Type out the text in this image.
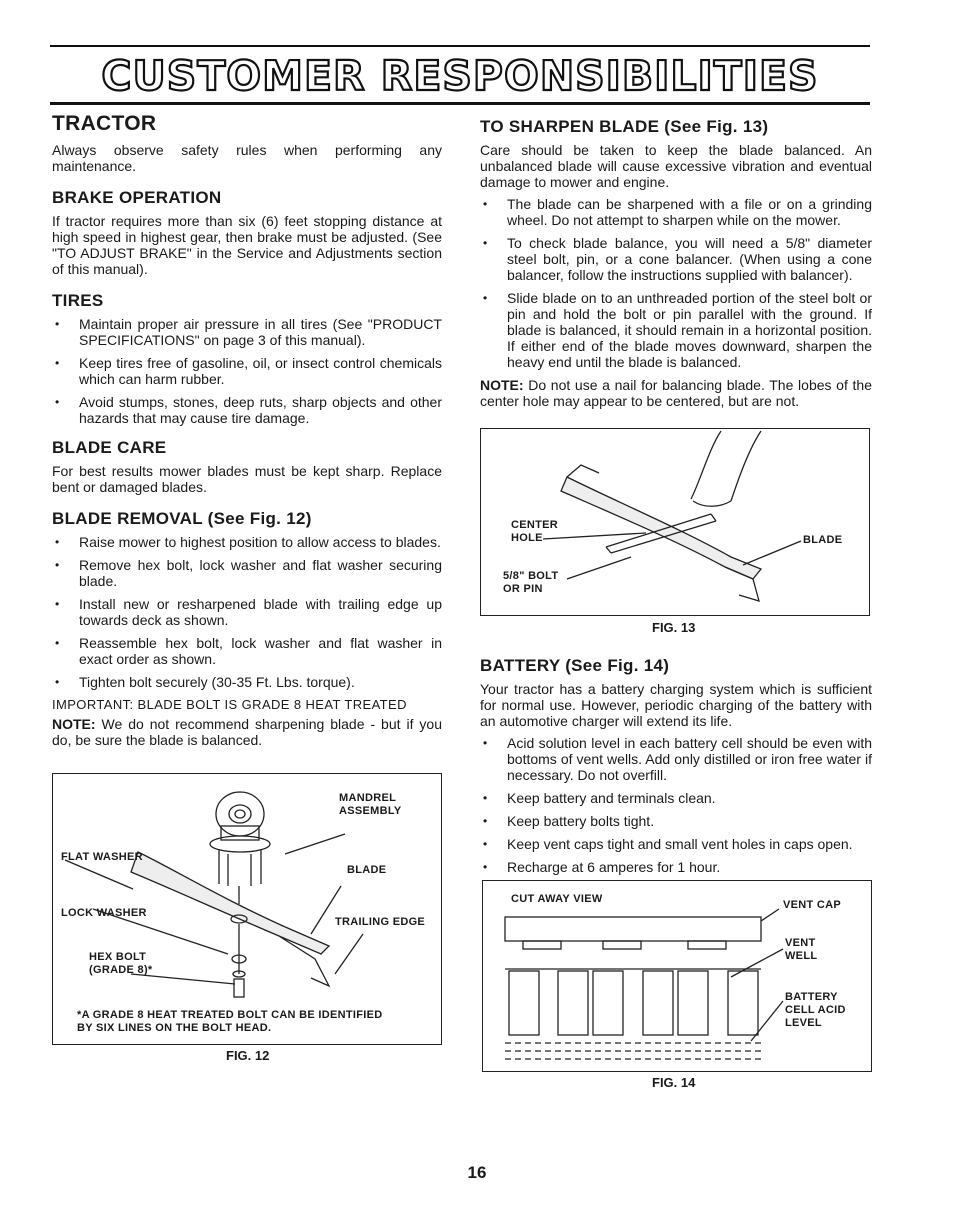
CUSTOMER RESPONSIBILITIES
TRACTOR

Always observe safety rules when performing any maintenance.

BRAKE OPERATION

If tractor requires more than six (6) feet stopping distance at high speed in highest gear, then brake must be adjusted. (See "TO ADJUST BRAKE" in the Service and Adjustments section of this manual).

TIRES
• Maintain proper air pressure in all tires (See "PRODUCT SPECIFICATIONS" on page 3 of this manual).
• Keep tires free of gasoline, oil, or insect control chemicals which can harm rubber.
• Avoid stumps, stones, deep ruts, sharp objects and other hazards that may cause tire damage.
BLADE CARE

For best results mower blades must be kept sharp. Replace bent or damaged blades.

BLADE REMOVAL (See Fig. 12)
• Raise mower to highest position to allow access to blades.
• Remove hex bolt, lock washer and flat washer securing blade.
• Install new or resharpened blade with trailing edge up towards deck as shown.
• Reassemble hex bolt, lock washer and flat washer in exact order as shown.
• Tighten bolt securely (30-35 Ft. Lbs. torque).

IMPORTANT: BLADE BOLT IS GRADE 8 HEAT TREATED

NOTE: We do not recommend sharpening blade - but if you do, be sure the blade is balanced.

MANDREL
ASSEMBLY
FLAT WASHER
BLADE
LOCK WASHER
TRAILING EDGE
HEX BOLT
(GRADE 8)*
*A GRADE 8 HEAT TREATED BOLT CAN BE IDENTIFIED
BY SIX LINES ON THE BOLT HEAD.
FIG. 12
TO SHARPEN BLADE (See Fig. 13)

Care should be taken to keep the blade balanced. An unbalanced blade will cause excessive vibration and eventual damage to mower and engine.

• The blade can be sharpened with a file or on a grinding wheel. Do not attempt to sharpen while on the mower.
• To check blade balance, you will need a 5/8" diameter steel bolt, pin, or a cone balancer. (When using a cone balancer, follow the instructions supplied with balancer).
• Slide blade on to an unthreaded portion of the steel bolt or pin and hold the bolt or pin parallel with the ground. If blade is balanced, it should remain in a horizontal position. If either end of the blade moves downward, sharpen the heavy end until the blade is balanced.

NOTE: Do not use a nail for balancing blade. The lobes of the center hole may appear to be centered, but are not.

CENTER
HOLE
5/8" BOLT
OR PIN
BLADE
FIG. 13
BATTERY (See Fig. 14)

Your tractor has a battery charging system which is sufficient for normal use. However, periodic charging of the battery with an automotive charger will extend its life.

• Acid solution level in each battery cell should be even with bottoms of vent wells. Add only distilled or iron free water if necessary. Do not overfill.
• Keep battery and terminals clean.
• Keep battery bolts tight.
• Keep vent caps tight and small vent holes in caps open.
• Recharge at 6 amperes for 1 hour.
CUT AWAY VIEW	VENT CAP
VENT
WELL
BATTERY
CELL ACID
LEVEL
FIG. 14
16
